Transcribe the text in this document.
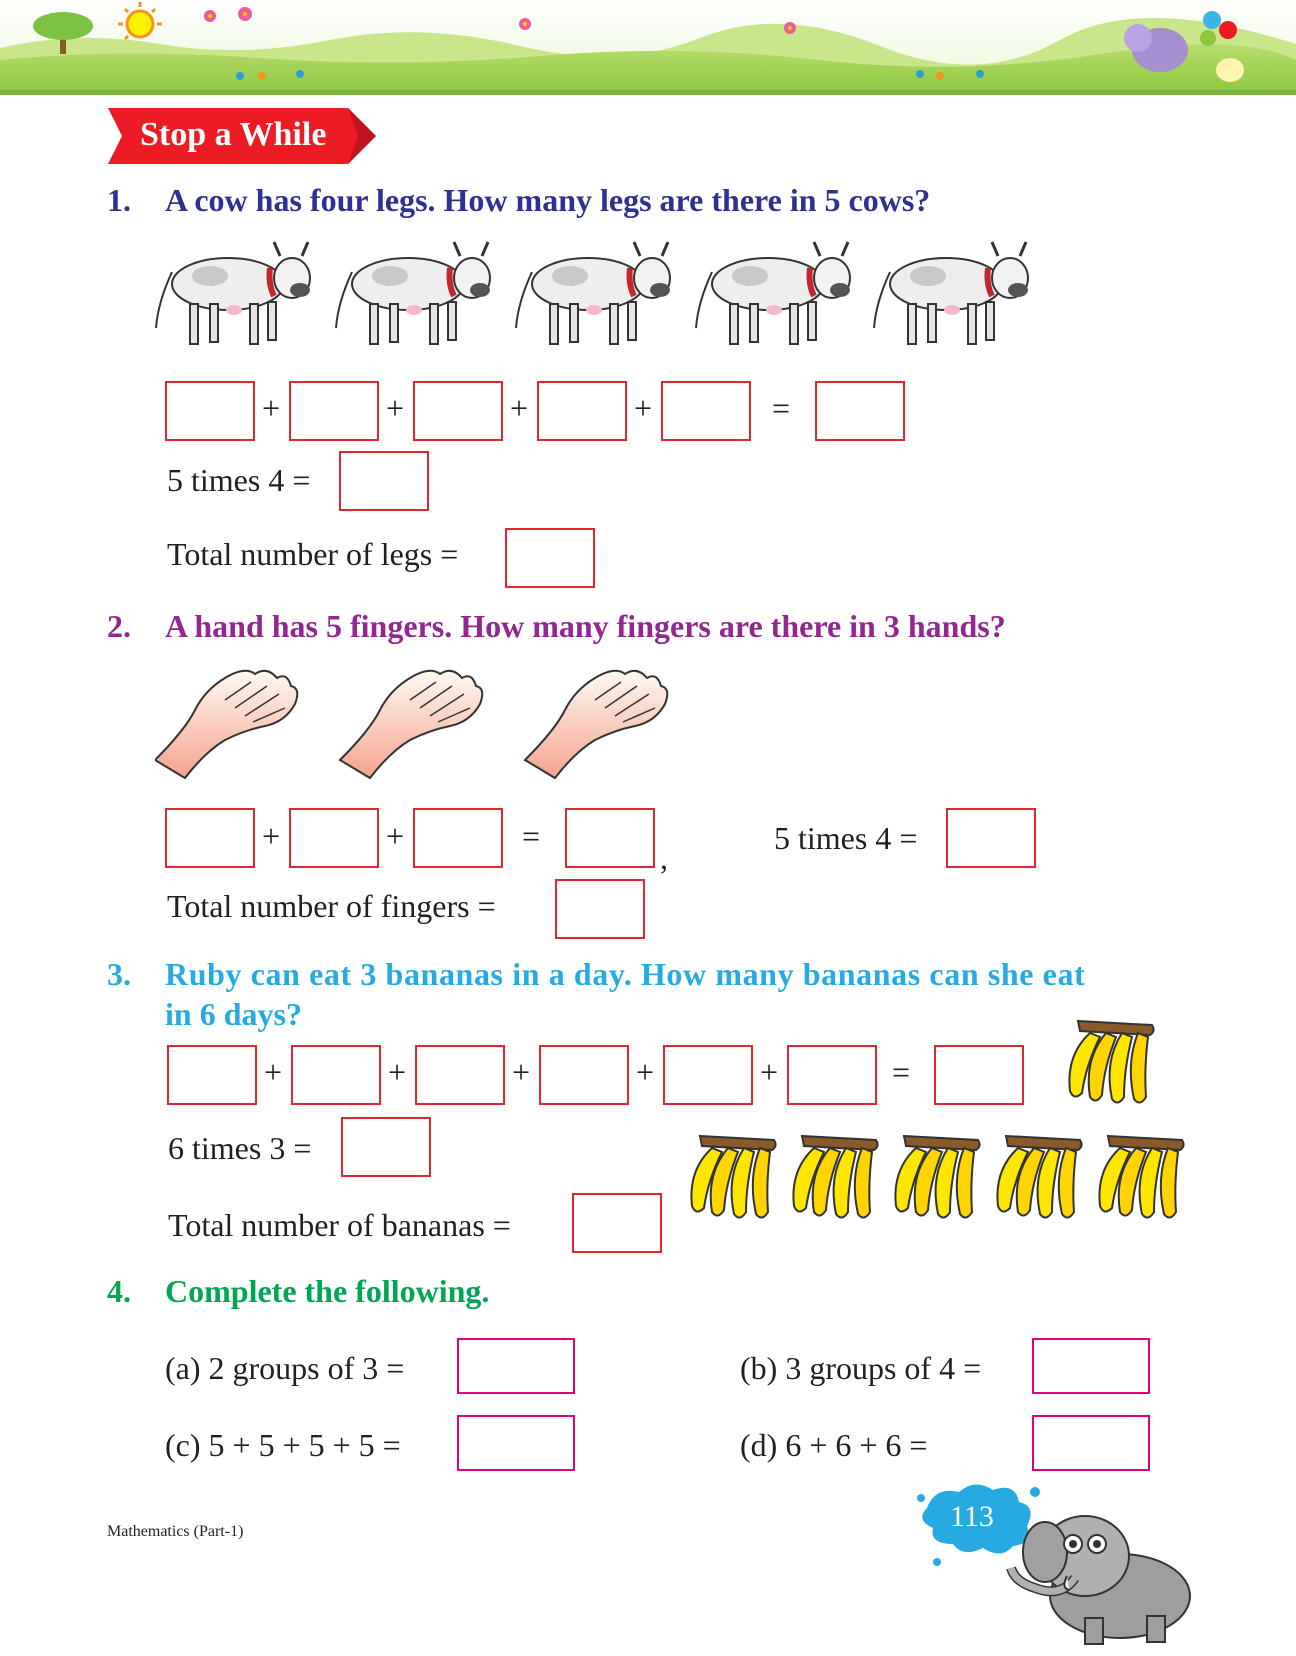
Stop a While
1. A cow has four legs. How many legs are there in 5 cows?
+	+	+	+	=
5 times 4 =
Total number of legs =
2. A hand has 5 fingers. How many fingers are there in 3 hands?
+	+	=
,
5 times 4 =
Total number of fingers =
3. Ruby can eat 3 bananas in a day. How many bananas can she eat
in 6 days?
+	+	+	+	+	=
6 times 3 =
Total number of bananas =
4. Complete the following.
(a) 2 groups of 3 =	(b) 3 groups of 4 =
(c) 5 + 5 + 5 + 5 =	(d) 6 + 6 + 6 =
Mathematics (Part-1)	113
